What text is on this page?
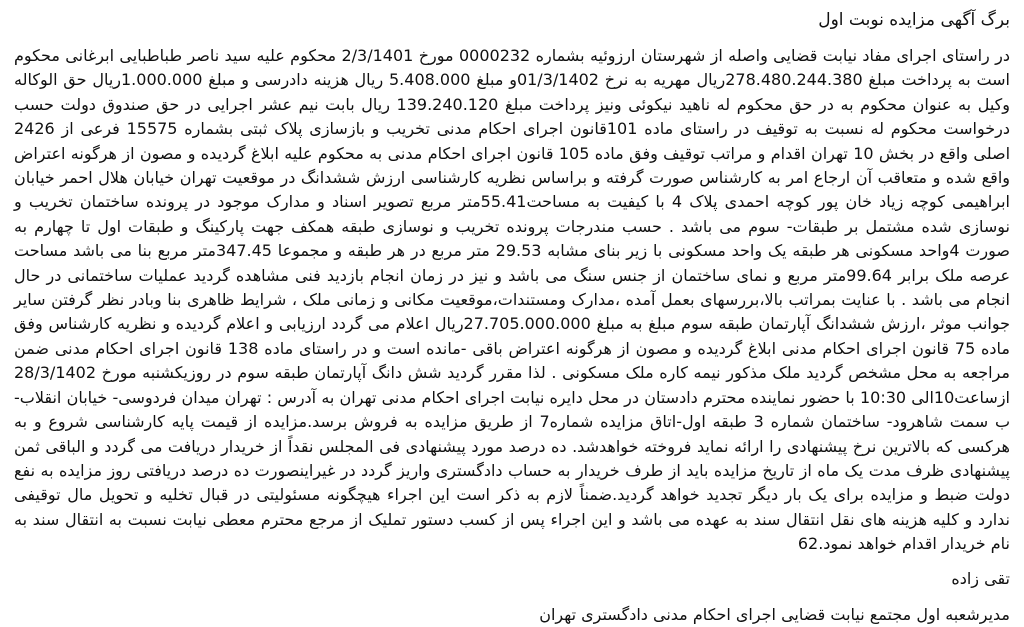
برگ آگهی مزایده نوبت اول

در راستای اجرای مفاد نیابت قضایی واصله از شهرستان ارزوئیه بشماره 0000232 مورخ 2/3/1401 محکوم علیه سید ناصر طباطبایی ابرغانی محکوم است به پرداخت مبلغ 278.480.244.380ریال مهریه به نرخ 01/3/1402و مبلغ 5.408.000 ریال هزینه دادرسی و مبلغ 1.000.000ریال حق الوکاله وکیل به عنوان محکوم به در حق محکوم له ناهید نیکوئی ونیز پرداخت مبلغ 139.240.120 ریال بابت نیم عشر اجرایی در حق صندوق دولت حسب درخواست محکوم له نسبت به توقیف در راستای ماده 101قانون اجرای احکام مدنی تخریب و بازسازی پلاک ثبتی بشماره 15575 فرعی از 2426 اصلی واقع در بخش 10 تهران اقدام و مراتب توقیف وفق ماده 105 قانون اجرای احکام مدنی به محکوم علیه ابلاغ گردیده و مصون از هرگونه اعتراض واقع شده و متعاقب آن ارجاع امر به کارشناس صورت گرفته و براساس نظریه کارشناسی ارزش ششدانگ در موقعیت تهران خیابان هلال احمر خیابان ابراهیمی کوچه زیاد خان پور کوچه احمدی پلاک 4 با کیفیت به مساحت55.41متر مربع تصویر اسناد و مدارک موجود در پرونده ساختمان تخریب و نوسازی شده مشتمل بر طبقات- سوم می باشد . حسب مندرجات پرونده تخریب و نوسازی طبقه همکف جهت پارکینگ و طبقات اول تا چهارم به صورت 4واحد مسکونی هر طبقه یک واحد مسکونی با زیر بنای مشابه 29.53 متر مربع در هر طبقه و مجموعا 347.45متر مربع بنا می باشد مساحت عرصه ملک برابر 99.64متر مربع و نمای ساختمان از جنس سنگ می باشد و نیز در زمان انجام بازدید فنی مشاهده گردید عملیات ساختمانی در حال انجام می باشد . با عنایت بمراتب بالا،بررسهای بعمل آمده ،مدارک ومستندات،موقعیت مکانی و زمانی ملک ، شرایط ظاهری بنا وبادر نظر گرفتن سایر جوانب موثر ،ارزش ششدانگ آپارتمان طبقه سوم مبلغ به مبلغ 27.705.000.000ریال اعلام می گردد ارزیابی و اعلام گردیده و نظریه کارشناس وفق ماده 75 قانون اجرای احکام مدنی ابلاغ گردیده و مصون از هرگونه اعتراض باقی -مانده است و در راستای ماده 138 قانون اجرای احکام مدنی ضمن مراجعه به محل مشخص گردید ملک مذکور نیمه کاره ملک مسکونی . لذا مقرر گردید شش دانگ آپارتمان طبقه سوم در روزیکشنبه مورخ 28/3/1402 ازساعت10الی 10:30 با حضور نماینده محترم دادستان در محل دایره نیابت اجرای احکام مدنی تهران به آدرس : تهران میدان فردوسی- خیابان انقلاب- ب سمت شاهرود- ساختمان شماره 3 طبقه اول-اتاق مزایده شماره7 از طریق مزایده به فروش برسد.مزایده از قیمت پایه کارشناسی شروع و به هرکسی که بالاترین نرخ پیشنهادی را ارائه نماید فروخته خواهدشد. ده درصد مورد پیشنهادی فی المجلس نقداً از خریدار دریافت می گردد و الباقی ثمن پیشنهادی ظرف مدت یک ماه از تاریخ مزایده باید از طرف خریدار به حساب دادگستری واریز گردد در غیراینصورت ده درصد دریافتی روز مزایده به نفع دولت ضبط و مزایده برای یک بار دیگر تجدید خواهد گردید.ضمناً لازم به ذکر است این اجراء هیچگونه مسئولیتی در قبال تخلیه و تحویل مال توقیفی ندارد و کلیه هزینه های نقل انتقال سند به عهده می باشد و این اجراء پس از کسب دستور تملیک از مرجع محترم معطی نیابت نسبت به انتقال سند به نام خریدار اقدام خواهد نمود.62

تقی زاده
مدیرشعبه اول مجتمع نیابت قضایی اجرای احکام مدنی دادگستری تهران
